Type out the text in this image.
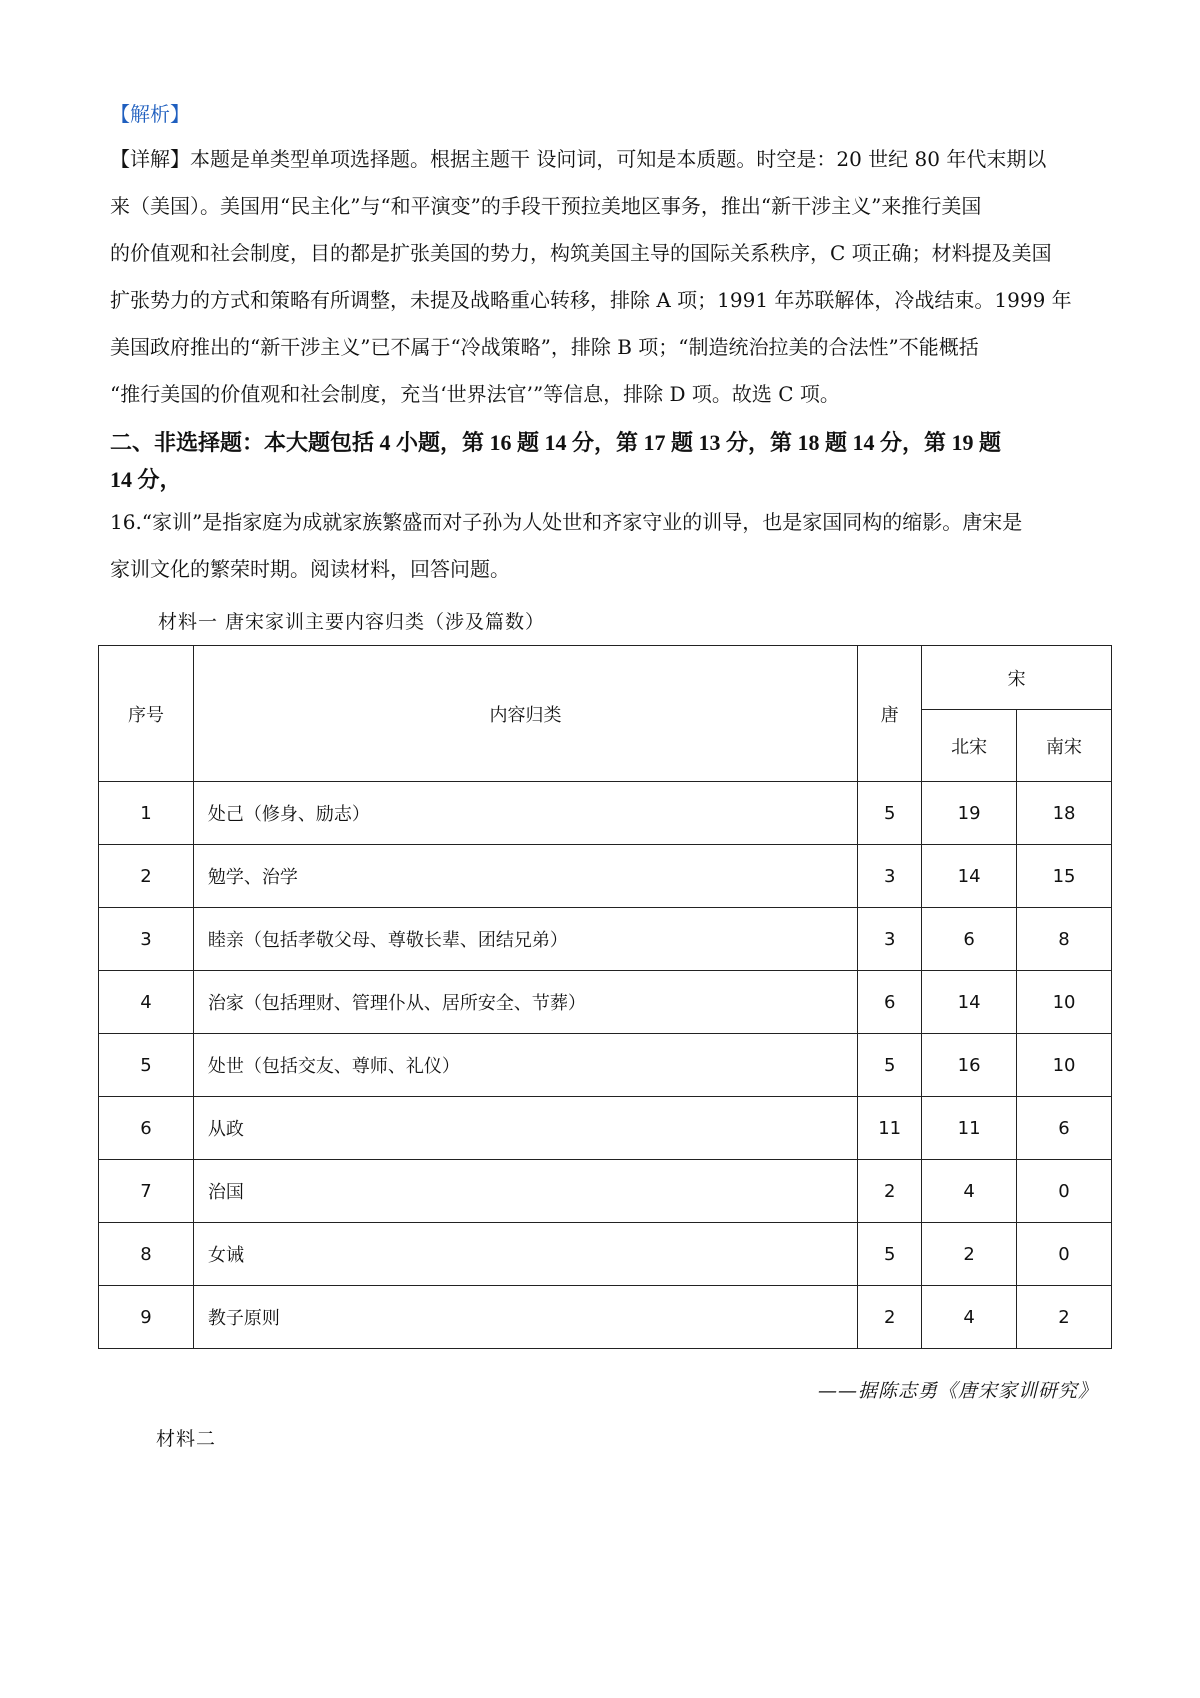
【解析】
【详解】本题是单类型单项选择题。根据主题干 设问词，可知是本质题。时空是：20 世纪 80 年代末期以
来（美国）。美国用“民主化”与“和平演变”的手段干预拉美地区事务，推出“新干涉主义”来推行美国
的价值观和社会制度，目的都是扩张美国的势力，构筑美国主导的国际关系秩序，C 项正确；材料提及美国
扩张势力的方式和策略有所调整，未提及战略重心转移，排除 A 项；1991 年苏联解体，冷战结束。1999 年
美国政府推出的“新干涉主义”已不属于“冷战策略”，排除 B 项；“制造统治拉美的合法性”不能概括
“推行美国的价值观和社会制度，充当‘世界法官’”等信息，排除 D 项。故选 C 项。
二、非选择题：本大题包括 4 小题，第 16 题 14 分，第 17 题 13 分，第 18 题 14 分，第 19 题
14 分，
16.“家训”是指家庭为成就家族繁盛而对子孙为人处世和齐家守业的训导，也是家国同构的缩影。唐宋是
家训文化的繁荣时期。阅读材料，回答问题。
材料一 唐宋家训主要内容归类（涉及篇数）
序号	内容归类	唐	宋	
			北宋	南宋
1	处己（修身、励志）	5	19	18
2	勉学、治学	3	14	15
3	睦亲（包括孝敬父母、尊敬长辈、团结兄弟）	3	6	8
4	治家（包括理财、管理仆从、居所安全、节葬）	6	14	10
5	处世（包括交友、尊师、礼仪）	5	16	10
6	从政	11	11	6
7	治国	2	4	0
8	女诫	5	2	0
9	教子原则	2	4	2
——据陈志勇《唐宋家训研究》
材料二
